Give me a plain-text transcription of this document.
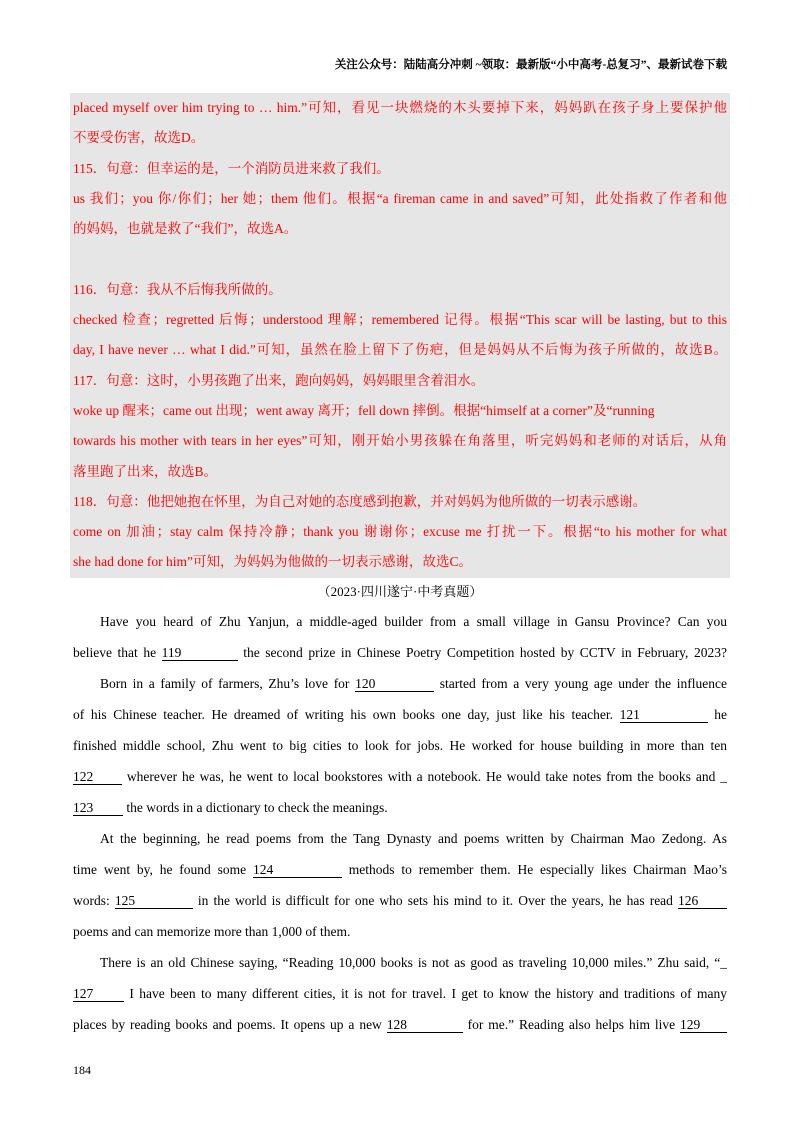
关注公众号：陆陆高分冲刺 ~领取：最新版“小中高考-总复习”、最新试卷下载
placed myself over him trying to … him.”可知，看见一块燃烧的木头要掉下来，妈妈趴在孩子身上要保护他
不要受伤害，故选D。
115．句意：但幸运的是，一个消防员进来救了我们。
us 我们；you 你/你们；her 她；them 他们。根据“a fireman came in and saved”可知，此处指救了作者和他
的妈妈，也就是救了“我们”，故选A。
116．句意：我从不后悔我所做的。
checked 检查；regretted 后悔；understood 理解；remembered 记得。根据“This scar will be lasting, but to this
day, I have never … what I did.”可知，虽然在脸上留下了伤疤，但是妈妈从不后悔为孩子所做的，故选B。
117．句意：这时，小男孩跑了出来，跑向妈妈，妈妈眼里含着泪水。
woke up 醒来；came out 出现；went away 离开；fell down 摔倒。根据“himself at a corner”及“running
towards his mother with tears in her eyes”可知，刚开始小男孩躲在角落里，听完妈妈和老师的对话后，从角
落里跑了出来，故选B。
118．句意：他把她抱在怀里，为自己对她的态度感到抱歉，并对妈妈为他所做的一切表示感谢。
come on 加油；stay calm 保持冷静；thank you 谢谢你；excuse me 打扰一下。根据“to his mother for what
she had done for him”可知，为妈妈为他做的一切表示感谢，故选C。
（2023·四川遂宁·中考真题）
Have you heard of Zhu Yanjun, a middle-aged builder from a small village in Gansu Province? Can you
believe that he 119	the second prize in Chinese Poetry Competition hosted by CCTV in February, 2023?
Born in a family of farmers, Zhu’s love for 120	started from a very young age under the influence
of his Chinese teacher. He dreamed of writing his own books one day, just like his teacher. 121	he
finished middle school, Zhu went to big cities to look for jobs. He worked for house building in more than ten
122 wherever he was, he went to local bookstores with a notebook. He would take notes from the books and _
123 the words in a dictionary to check the meanings.
At the beginning, he read poems from the Tang Dynasty and poems written by Chairman Mao Zedong. As
time went by, he found some 124	methods to remember them. He especially likes Chairman Mao’s
words: 125	in the world is difficult for one who sets his mind to it. Over the years, he has read 126
poems and can memorize more than 1,000 of them.
There is an old Chinese saying, “Reading 10,000 books is not as good as traveling 10,000 miles.” Zhu said, “_
127 I have been to many different cities, it is not for travel. I get to know the history and traditions of many
places by reading books and poems. It opens up a new 128	for me.” Reading also helps him live 129
184
